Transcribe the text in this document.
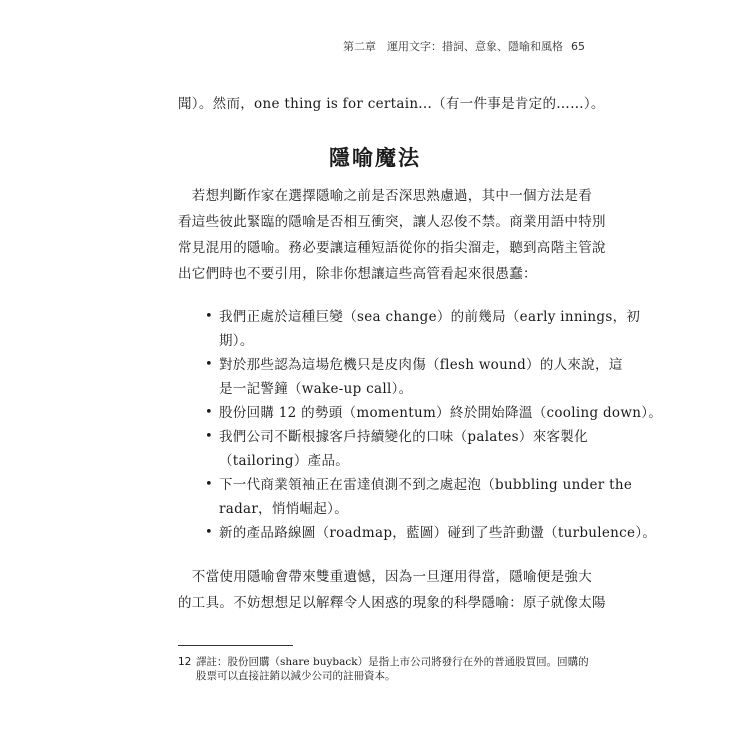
第二章　運用文字：措詞、意象、隱喻和風格 65
聞）。然而，one thing is for certain...（有一件事是肯定的……）。
隱喻魔法
　若想判斷作家在選擇隱喻之前是否深思熟慮過，其中一個方法是看
看這些彼此緊臨的隱喻是否相互衝突，讓人忍俊不禁。商業用語中特別
常見混用的隱喻。務必要讓這種短語從你的指尖溜走，聽到高階主管說
出它們時也不要引用，除非你想讓這些高管看起來很愚蠢：
• 我們正處於這種巨變（sea change）的前幾局（early innings，初
期）。
• 對於那些認為這場危機只是皮肉傷（flesh wound）的人來說，這
是一記警鐘（wake-up call）。
• 股份回購 12 的勢頭（momentum）終於開始降溫（cooling down）。
• 我們公司不斷根據客戶持續變化的口味（palates）來客製化
（tailoring）產品。
• 下一代商業領袖正在雷達偵測不到之處起泡（bubbling under the
radar，悄悄崛起）。
• 新的產品路線圖（roadmap，藍圖）碰到了些許動盪（turbulence）。
　不當使用隱喻會帶來雙重遺憾，因為一旦運用得當，隱喻便是強大
的工具。不妨想想足以解釋令人困惑的現象的科學隱喻：原子就像太陽
12 譯註：股份回購（share buyback）是指上市公司將發行在外的普通股買回。回購的
股票可以直接註銷以減少公司的註冊資本。
